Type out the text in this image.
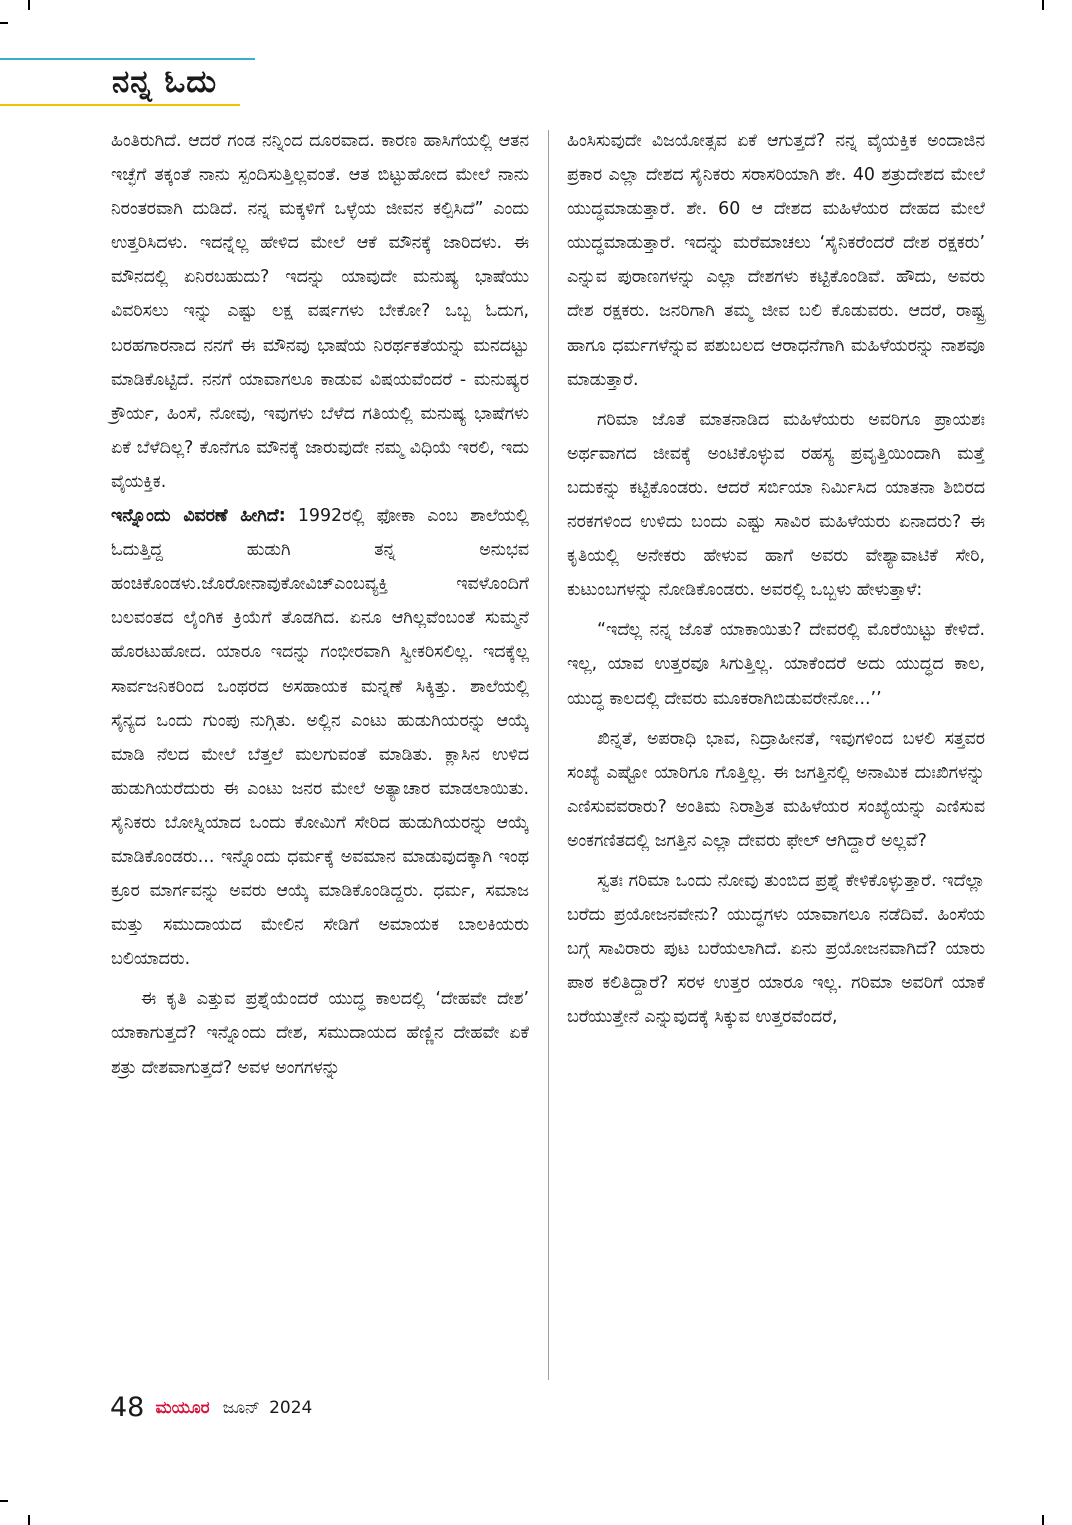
ನನ್ನ ಓದು

ಹಿಂತಿರುಗಿದೆ. ಆದರೆ ಗಂಡ ನನ್ನಿಂದ ದೂರವಾದ. ಕಾರಣ ಹಾಸಿಗೆಯಲ್ಲಿ ಆತನ ಇಚ್ಛೆಗೆ ತಕ್ಕಂತೆ ನಾನು ಸ್ಪಂದಿಸುತ್ತಿಲ್ಲವಂತೆ. ಆತ ಬಿಟ್ಟುಹೋದ ಮೇಲೆ ನಾನು ನಿರಂತರವಾಗಿ ದುಡಿದೆ. ನನ್ನ ಮಕ್ಕಳಿಗೆ ಒಳ್ಳೆಯ ಜೀವನ ಕಲ್ಪಿಸಿದೆ” ಎಂದು ಉತ್ತರಿಸಿದಳು. ಇದನ್ನೆಲ್ಲ ಹೇಳಿದ ಮೇಲೆ ಆಕೆ ಮೌನಕ್ಕೆ ಜಾರಿದಳು. ಈ ಮೌನದಲ್ಲಿ ಏನಿರಬಹುದು? ಇದನ್ನು ಯಾವುದೇ ಮನುಷ್ಯ ಭಾಷೆಯು ವಿವರಿಸಲು ಇನ್ನು ಎಷ್ಟು ಲಕ್ಷ ವರ್ಷಗಳು ಬೇಕೋ? ಒಬ್ಬ ಓದುಗ, ಬರಹಗಾರನಾದ ನನಗೆ ಈ ಮೌನವು ಭಾಷೆಯ ನಿರರ್ಥಕತೆಯನ್ನು ಮನದಟ್ಟು ಮಾಡಿಕೊಟ್ಟಿದೆ. ನನಗೆ ಯಾವಾಗಲೂ ಕಾಡುವ ವಿಷಯವೆಂದರೆ - ಮನುಷ್ಯರ ಕ್ರೌರ್ಯ, ಹಿಂಸೆ, ನೋವು, ಇವುಗಳು ಬೆಳೆದ ಗತಿಯಲ್ಲಿ ಮನುಷ್ಯ ಭಾಷೆಗಳು ಏಕೆ ಬೆಳೆದಿಲ್ಲ? ಕೊನೆಗೂ ಮೌನಕ್ಕೆ ಜಾರುವುದೇ ನಮ್ಮ ವಿಧಿಯೆ ಇರಲಿ, ಇದು ವೈಯಕ್ತಿಕ.

ಇನ್ನೊಂದು ವಿವರಣೆ ಹೀಗಿದೆ: 1992ರಲ್ಲಿ ಫೋಕಾ ಎಂಬ ಶಾಲೆಯಲ್ಲಿ ಓದುತ್ತಿದ್ದ ಹುಡುಗಿ ತನ್ನ ಅನುಭವ ಹಂಚಿಕೊಂಡಳು.ಜೊರೋನಾವುಕೋವಿಚ್ಎಂಬವ್ಯಕ್ತಿ ಇವಳೊಂದಿಗೆ ಬಲವಂತದ ಲೈಂಗಿಕ ಕ್ರಿಯೆಗೆ ತೊಡಗಿದ. ಏನೂ ಆಗಿಲ್ಲವೆಂಬಂತೆ ಸುಮ್ಮನೆ ಹೊರಟುಹೋದ. ಯಾರೂ ಇದನ್ನು ಗಂಭೀರವಾಗಿ ಸ್ವೀಕರಿಸಲಿಲ್ಲ. ಇದಕ್ಕೆಲ್ಲ ಸಾರ್ವಜನಿಕರಿಂದ ಒಂಥರದ ಅಸಹಾಯಕ ಮನ್ನಣೆ ಸಿಕ್ಕಿತ್ತು. ಶಾಲೆಯಲ್ಲಿ ಸೈನ್ಯದ ಒಂದು ಗುಂಪು ನುಗ್ಗಿತು. ಅಲ್ಲಿನ ಎಂಟು ಹುಡುಗಿಯರನ್ನು ಆಯ್ಕೆ ಮಾಡಿ ನೆಲದ ಮೇಲೆ ಬೆತ್ತಲೆ ಮಲಗುವಂತೆ ಮಾಡಿತು. ಕ್ಲಾಸಿನ ಉಳಿದ ಹುಡುಗಿಯರೆದುರು ಈ ಎಂಟು ಜನರ ಮೇಲೆ ಅತ್ಯಾಚಾರ ಮಾಡಲಾಯಿತು. ಸೈನಿಕರು ಬೋಸ್ನಿಯಾದ ಒಂದು ಕೋಮಿಗೆ ಸೇರಿದ ಹುಡುಗಿಯರನ್ನು ಆಯ್ಕೆ ಮಾಡಿಕೊಂಡರು... ಇನ್ನೊಂದು ಧರ್ಮಕ್ಕೆ ಅವಮಾನ ಮಾಡುವುದಕ್ಕಾಗಿ ಇಂಥ ಕ್ರೂರ ಮಾರ್ಗವನ್ನು ಅವರು ಆಯ್ಕೆ ಮಾಡಿಕೊಂಡಿದ್ದರು. ಧರ್ಮ, ಸಮಾಜ ಮತ್ತು ಸಮುದಾಯದ ಮೇಲಿನ ಸೇಡಿಗೆ ಅಮಾಯಕ ಬಾಲಕಿಯರು ಬಲಿಯಾದರು.

ಈ ಕೃತಿ ಎತ್ತುವ ಪ್ರಶ್ನೆಯೆಂದರೆ ಯುದ್ಧ ಕಾಲದಲ್ಲಿ ‘ದೇಹವೇ ದೇಶ’ ಯಾಕಾಗುತ್ತದೆ? ಇನ್ನೊಂದು ದೇಶ, ಸಮುದಾಯದ ಹೆಣ್ಣಿನ ದೇಹವೇ ಏಕೆ ಶತ್ರು ದೇಶವಾಗುತ್ತದೆ? ಅವಳ ಅಂಗಗಳನ್ನು

ಹಿಂಸಿಸುವುದೇ ವಿಜಯೋತ್ಸವ ಏಕೆ ಆಗುತ್ತದೆ? ನನ್ನ ವೈಯಕ್ತಿಕ ಅಂದಾಜಿನ ಪ್ರಕಾರ ಎಲ್ಲಾ ದೇಶದ ಸೈನಿಕರು ಸರಾಸರಿಯಾಗಿ ಶೇ. 40 ಶತ್ರುದೇಶದ ಮೇಲೆ ಯುದ್ಧಮಾಡುತ್ತಾರೆ. ಶೇ. 60 ಆ ದೇಶದ ಮಹಿಳೆಯರ ದೇಹದ ಮೇಲೆ ಯುದ್ಧಮಾಡುತ್ತಾರೆ. ಇದನ್ನು ಮರೆಮಾಚಲು ‘ಸೈನಿಕರೆಂದರೆ ದೇಶ ರಕ್ಷಕರು’ ಎನ್ನುವ ಪುರಾಣಗಳನ್ನು ಎಲ್ಲಾ ದೇಶಗಳು ಕಟ್ಟಿಕೊಂಡಿವೆ. ಹೌದು, ಅವರು ದೇಶ ರಕ್ಷಕರು. ಜನರಿಗಾಗಿ ತಮ್ಮ ಜೀವ ಬಲಿ ಕೊಡುವರು. ಆದರೆ, ರಾಷ್ಟ್ರ ಹಾಗೂ ಧರ್ಮಗಳೆನ್ನುವ ಪಶುಬಲದ ಆರಾಧನೆಗಾಗಿ ಮಹಿಳೆಯರನ್ನು ನಾಶವೂ ಮಾಡುತ್ತಾರೆ.

ಗರಿಮಾ ಜೊತೆ ಮಾತನಾಡಿದ ಮಹಿಳೆಯರು ಅವರಿಗೂ ಪ್ರಾಯಶಃ ಅರ್ಥವಾಗದ ಜೀವಕ್ಕೆ ಅಂಟಿಕೊಳ್ಳುವ ರಹಸ್ಯ ಪ್ರವೃತ್ತಿಯಿಂದಾಗಿ ಮತ್ತೆ ಬದುಕನ್ನು ಕಟ್ಟಿಕೊಂಡರು. ಆದರೆ ಸರ್ಬಿಯಾ ನಿರ್ಮಿಸಿದ ಯಾತನಾ ಶಿಬಿರದ ನರಕಗಳಿಂದ ಉಳಿದು ಬಂದು ಎಷ್ಟು ಸಾವಿರ ಮಹಿಳೆಯರು ಏನಾದರು? ಈ ಕೃತಿಯಲ್ಲಿ ಅನೇಕರು ಹೇಳುವ ಹಾಗೆ ಅವರು ವೇಶ್ಯಾವಾಟಿಕೆ ಸೇರಿ, ಕುಟುಂಬಗಳನ್ನು ನೋಡಿಕೊಂಡರು. ಅವರಲ್ಲಿ ಒಬ್ಬಳು ಹೇಳುತ್ತಾಳೆ:

“ಇದೆಲ್ಲ ನನ್ನ ಜೊತೆ ಯಾಕಾಯಿತು? ದೇವರಲ್ಲಿ ಮೊರೆಯಿಟ್ಟು ಕೇಳಿದೆ. ಇಲ್ಲ, ಯಾವ ಉತ್ತರವೂ ಸಿಗುತ್ತಿಲ್ಲ. ಯಾಕೆಂದರೆ ಅದು ಯುದ್ಧದ ಕಾಲ, ಯುದ್ಧ ಕಾಲದಲ್ಲಿ ದೇವರು ಮೂಕರಾಗಿಬಿಡುವರೇನೋ...’’

ಖಿನ್ನತೆ, ಅಪರಾಧಿ ಭಾವ, ನಿದ್ರಾಹೀನತೆ, ಇವುಗಳಿಂದ ಬಳಲಿ ಸತ್ತವರ ಸಂಖ್ಯೆ ಎಷ್ಟೋ ಯಾರಿಗೂ ಗೊತ್ತಿಲ್ಲ. ಈ ಜಗತ್ತಿನಲ್ಲಿ ಅನಾಮಿಕ ದುಃಖಿಗಳನ್ನು ಎಣಿಸುವವರಾರು? ಅಂತಿಮ ನಿರಾಶ್ರಿತ ಮಹಿಳೆಯರ ಸಂಖ್ಯೆಯನ್ನು ಎಣಿಸುವ ಅಂಕಗಣಿತದಲ್ಲಿ ಜಗತ್ತಿನ ಎಲ್ಲಾ ದೇವರು ಫೇಲ್ ಆಗಿದ್ದಾರೆ ಅಲ್ಲವೆ?

ಸ್ವತಃ ಗರಿಮಾ ಒಂದು ನೋವು ತುಂಬಿದ ಪ್ರಶ್ನೆ ಕೇಳಿಕೊಳ್ಳುತ್ತಾರೆ. ಇದೆಲ್ಲಾ ಬರೆದು ಪ್ರಯೋಜನವೇನು? ಯುದ್ಧಗಳು ಯಾವಾಗಲೂ ನಡೆದಿವೆ. ಹಿಂಸೆಯ ಬಗ್ಗೆ ಸಾವಿರಾರು ಪುಟ ಬರೆಯಲಾಗಿದೆ. ಏನು ಪ್ರಯೋಜನವಾಗಿದೆ? ಯಾರು ಪಾಠ ಕಲಿತಿದ್ದಾರೆ? ಸರಳ ಉತ್ತರ ಯಾರೂ ಇಲ್ಲ. ಗರಿಮಾ ಅವರಿಗೆ ಯಾಕೆ ಬರೆಯುತ್ತೇನೆ ಎನ್ನುವುದಕ್ಕೆ ಸಿಕ್ಕುವ ಉತ್ತರವೆಂದರೆ,

48 ಮಯೂರ ಜೂನ್ 2024
